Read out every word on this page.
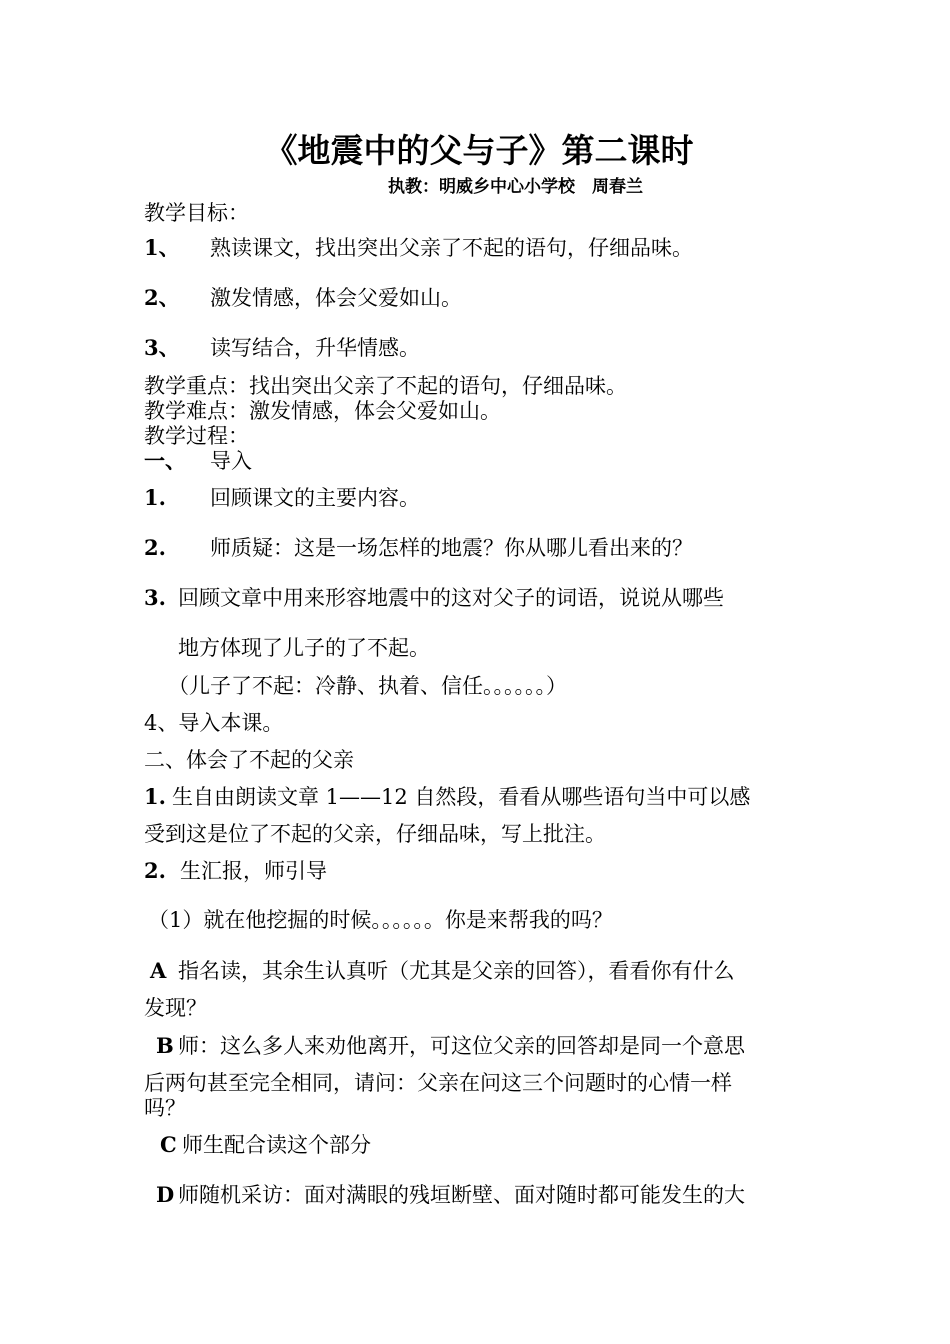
《地震中的父与子》第二课时
执教：明威乡中心小学校　周春兰
教学目标：
1、 熟读课文，找出突出父亲了不起的语句，仔细品味。
2、 激发情感，体会父爱如山。
3、 读写结合，升华情感。
教学重点：找出突出父亲了不起的语句，仔细品味。
教学难点：激发情感，体会父爱如山。
教学过程：
一、 导入
1. 回顾课文的主要内容。
2. 师质疑：这是一场怎样的地震？你从哪儿看出来的？
3. 回顾文章中用来形容地震中的这对父子的词语，说说从哪些
地方体现了儿子的了不起。
（儿子了不起：冷静、执着、信任。。。。。。）
4、导入本课。
二、体会了不起的父亲
1. 生自由朗读文章 1——12 自然段，看看从哪些语句当中可以感
受到这是位了不起的父亲，仔细品味，写上批注。
2. 生汇报，师引导
（1）就在他挖掘的时候。。。。。。你是来帮我的吗？
A 指名读，其余生认真听（尤其是父亲的回答），看看你有什么
发现？
B 师：这么多人来劝他离开，可这位父亲的回答却是同一个意思
后两句甚至完全相同，请问：父亲在问这三个问题时的心情一样
吗？
C 师生配合读这个部分
D 师随机采访：面对满眼的残垣断壁、面对随时都可能发生的大
